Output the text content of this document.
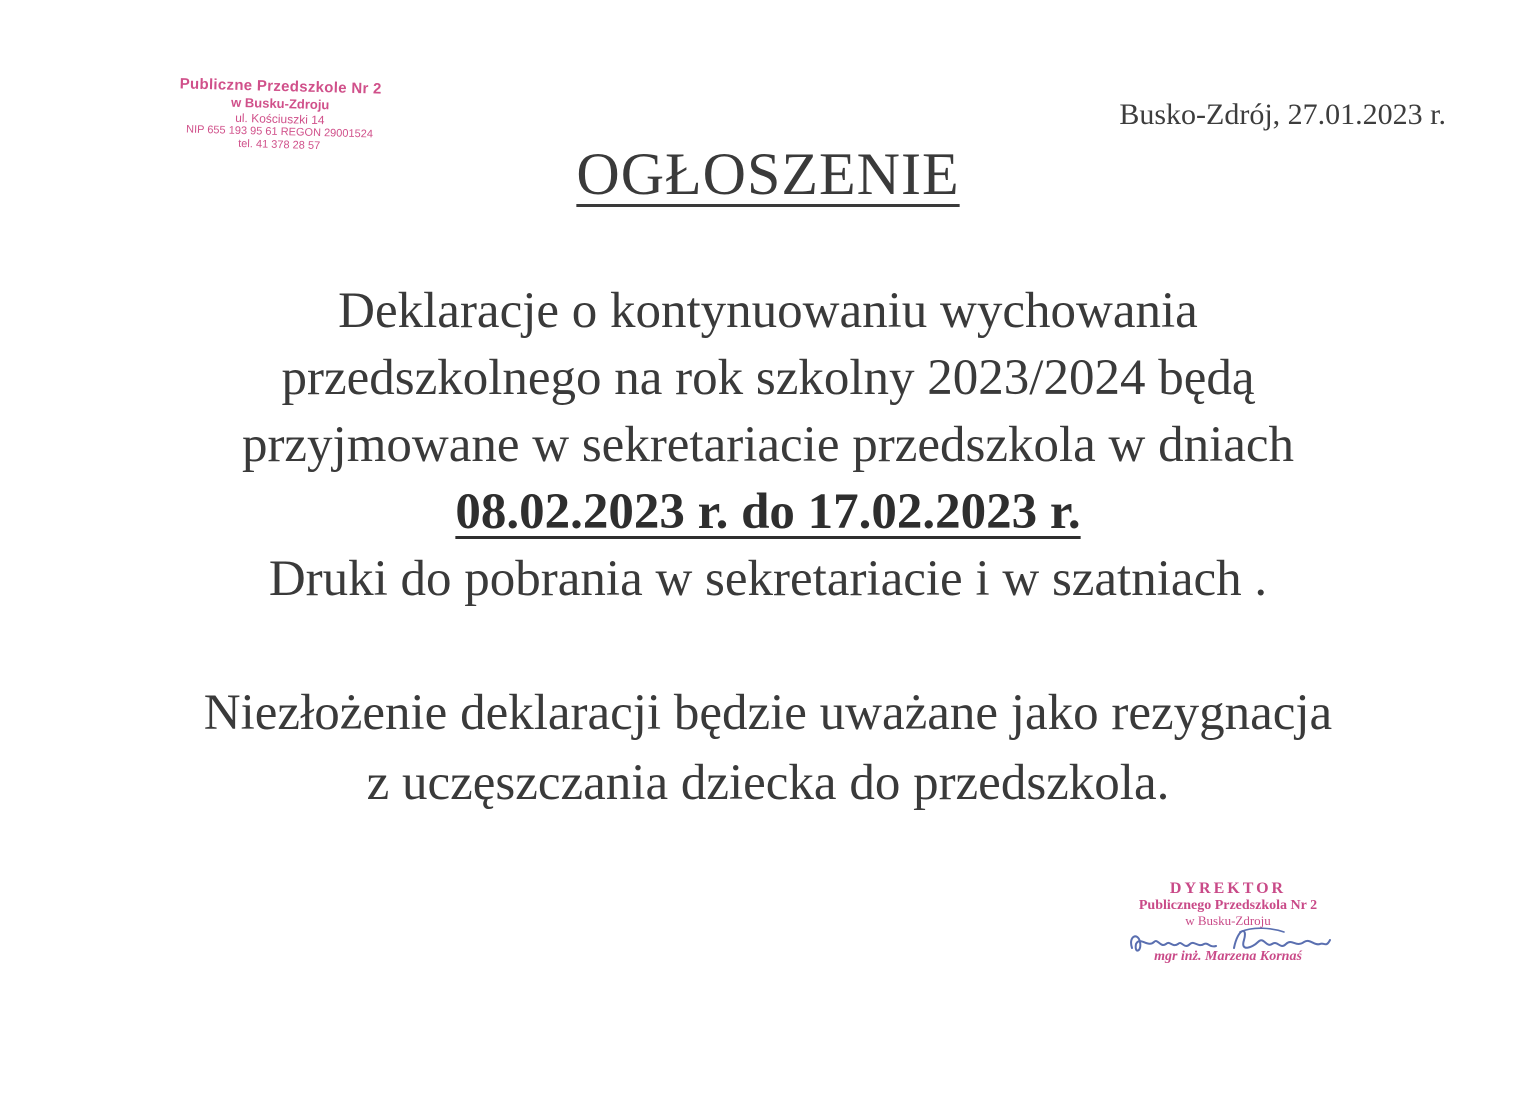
Publiczne Przedszkole Nr 2
w Busku-Zdroju
ul. Kościuszki 14
NIP 655 193 95 61 REGON 29001524
tel. 41 378 28 57
Busko-Zdrój, 27.01.2023 r.
OGŁOSZENIE
Deklaracje o kontynuowaniu wychowania
przedszkolnego na rok szkolny 2023/2024 będą
przyjmowane w sekretariacie przedszkola w dniach
08.02.2023 r. do 17.02.2023 r.
Druki do pobrania w sekretariacie i w szatniach .
Niezłożenie deklaracji będzie uważane jako rezygnacja
z uczęszczania dziecka do przedszkola.
DYREKTOR
Publicznego Przedszkola Nr 2
w Busku-Zdroju
mgr inż. Marzena Kornaś
